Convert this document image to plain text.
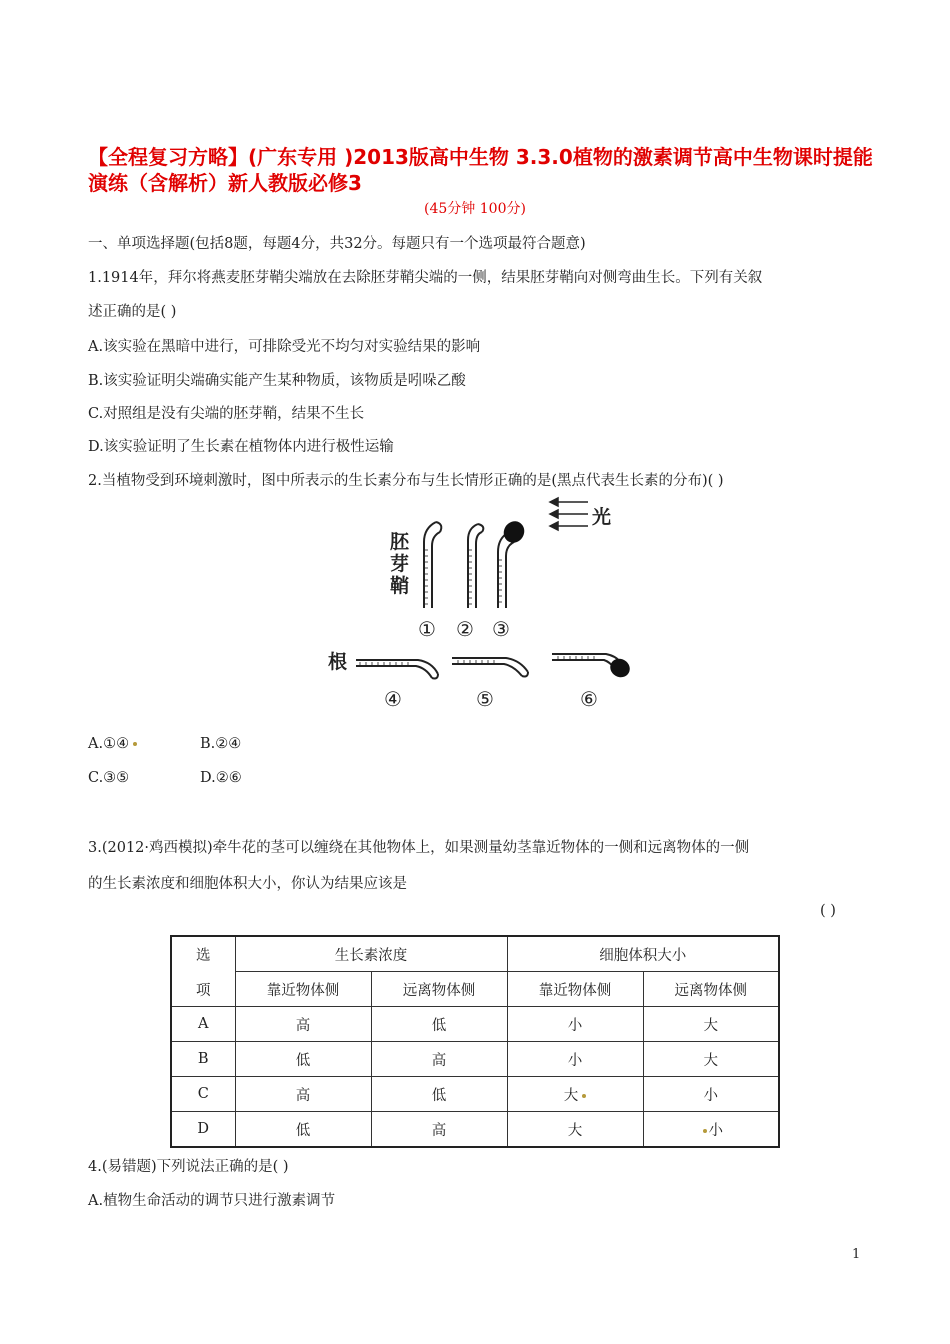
【全程复习方略】(广东专用 )2013版高中生物 3.3.0植物的激素调节高中生物课时提能演练（含解析）新人教版必修3
(45分钟 100分)
一、单项选择题(包括8题，每题4分，共32分。每题只有一个选项最符合题意)
1.1914年，拜尔将燕麦胚芽鞘尖端放在去除胚芽鞘尖端的一侧，结果胚芽鞘向对侧弯曲生长。下列有关叙
述正确的是( )
A.该实验在黑暗中进行，可排除受光不均匀对实验结果的影响
B.该实验证明尖端确实能产生某种物质，该物质是吲哚乙酸
C.对照组是没有尖端的胚芽鞘，结果不生长
D.该实验证明了生长素在植物体内进行极性运输
2.当植物受到环境刺激时，图中所表示的生长素分布与生长情形正确的是(黑点代表生长素的分布)( )
胚
芽
鞘
光
根
① ② ③
④	⑤	⑥
A.①④	B.②④
C.③⑤	D.②⑥
3.(2012·鸡西模拟)牵牛花的茎可以缠绕在其他物体上，如果测量幼茎靠近物体的一侧和远离物体的一侧
的生长素浓度和细胞体积大小，你认为结果应该是
( )
选
项	生长素浓度		细胞体积大小	
	靠近物体侧	远离物体侧	靠近物体侧	远离物体侧
A	高	低	小	大
B	低	高	小	大
C	高	低	大	小
D	低	高	大	小
4.(易错题)下列说法正确的是( )
A.植物生命活动的调节只进行激素调节
1
